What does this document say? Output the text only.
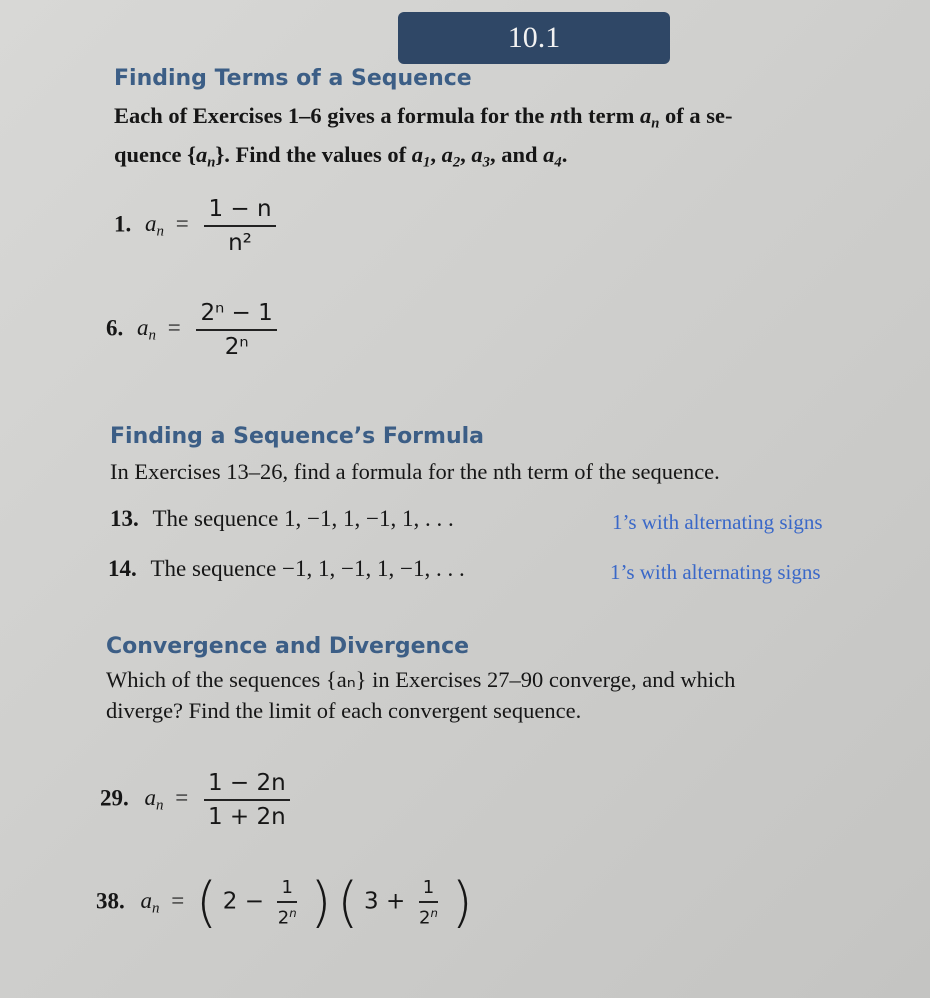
10.1
Finding Terms of a Sequence
Each of Exercises 1–6 gives a formula for the nth term $a_n$ of a se-
quence $\{a_n\}$. Find the values of $a_1$, $a_2$, $a_3$, and $a_4$.
1. $a_n = \frac{1 - n}{\text{n²}}$
6. $a_n = \frac{\text{2ⁿ − 1}}{\text{2ⁿ}}$
Finding a Sequence’s Formula
In Exercises 13–26, find a formula for the nth term of the sequence.
13. The sequence 1, −1, 1, −1, 1, . . .	1’s with alternating signs
14. The sequence −1, 1, −1, 1, −1, . . .	1’s with alternating signs
Convergence and Divergence
Which of the sequences {aₙ} in Exercises 27–90 converge, and which
diverge? Find the limit of each convergent sequence.
29. $a_n = \frac{1 - 2n}{1 + 2n}$
38. $a_n$ = ( $2 - \frac{1}{2^n}$ ) ( $3 + \frac{1}{2^n}$ )
